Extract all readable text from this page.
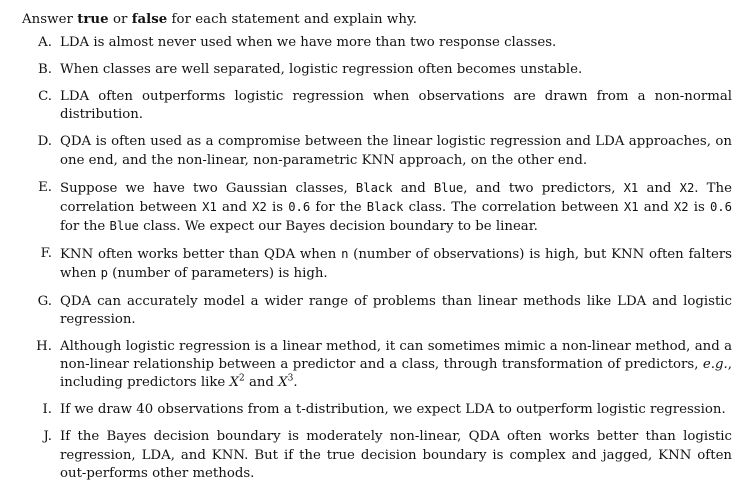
Answer true or false for each statement and explain why.

A. LDA is almost never used when we have more than two response classes.
B. When classes are well separated, logistic regression often becomes unstable.
C. LDA often outperforms logistic regression when observations are drawn from a non-normal distribution.
D. QDA is often used as a compromise between the linear logistic regression and LDA approaches, on one end, and the non-linear, non-parametric KNN approach, on the other end.
E. Suppose we have two Gaussian classes, Black and Blue, and two predictors, X1 and X2. The correlation between X1 and X2 is 0.6 for the Black class. The correlation between X1 and X2 is 0.6 for the Blue class. We expect our Bayes decision boundary to be linear.
F. KNN often works better than QDA when n (number of observations) is high, but KNN often falters when p (number of parameters) is high.
G. QDA can accurately model a wider range of problems than linear methods like LDA and logistic regression.
H. Although logistic regression is a linear method, it can sometimes mimic a non-linear method, and a non-linear relationship between a predictor and a class, through transformation of predictors, e.g., including predictors like $X^2$ and $X^3$.
I. If we draw 40 observations from a t-distribution, we expect LDA to outperform logistic regression.
J. If the Bayes decision boundary is moderately non-linear, QDA often works better than logistic regression, LDA, and KNN. But if the true decision boundary is complex and jagged, KNN often out-performs other methods.
